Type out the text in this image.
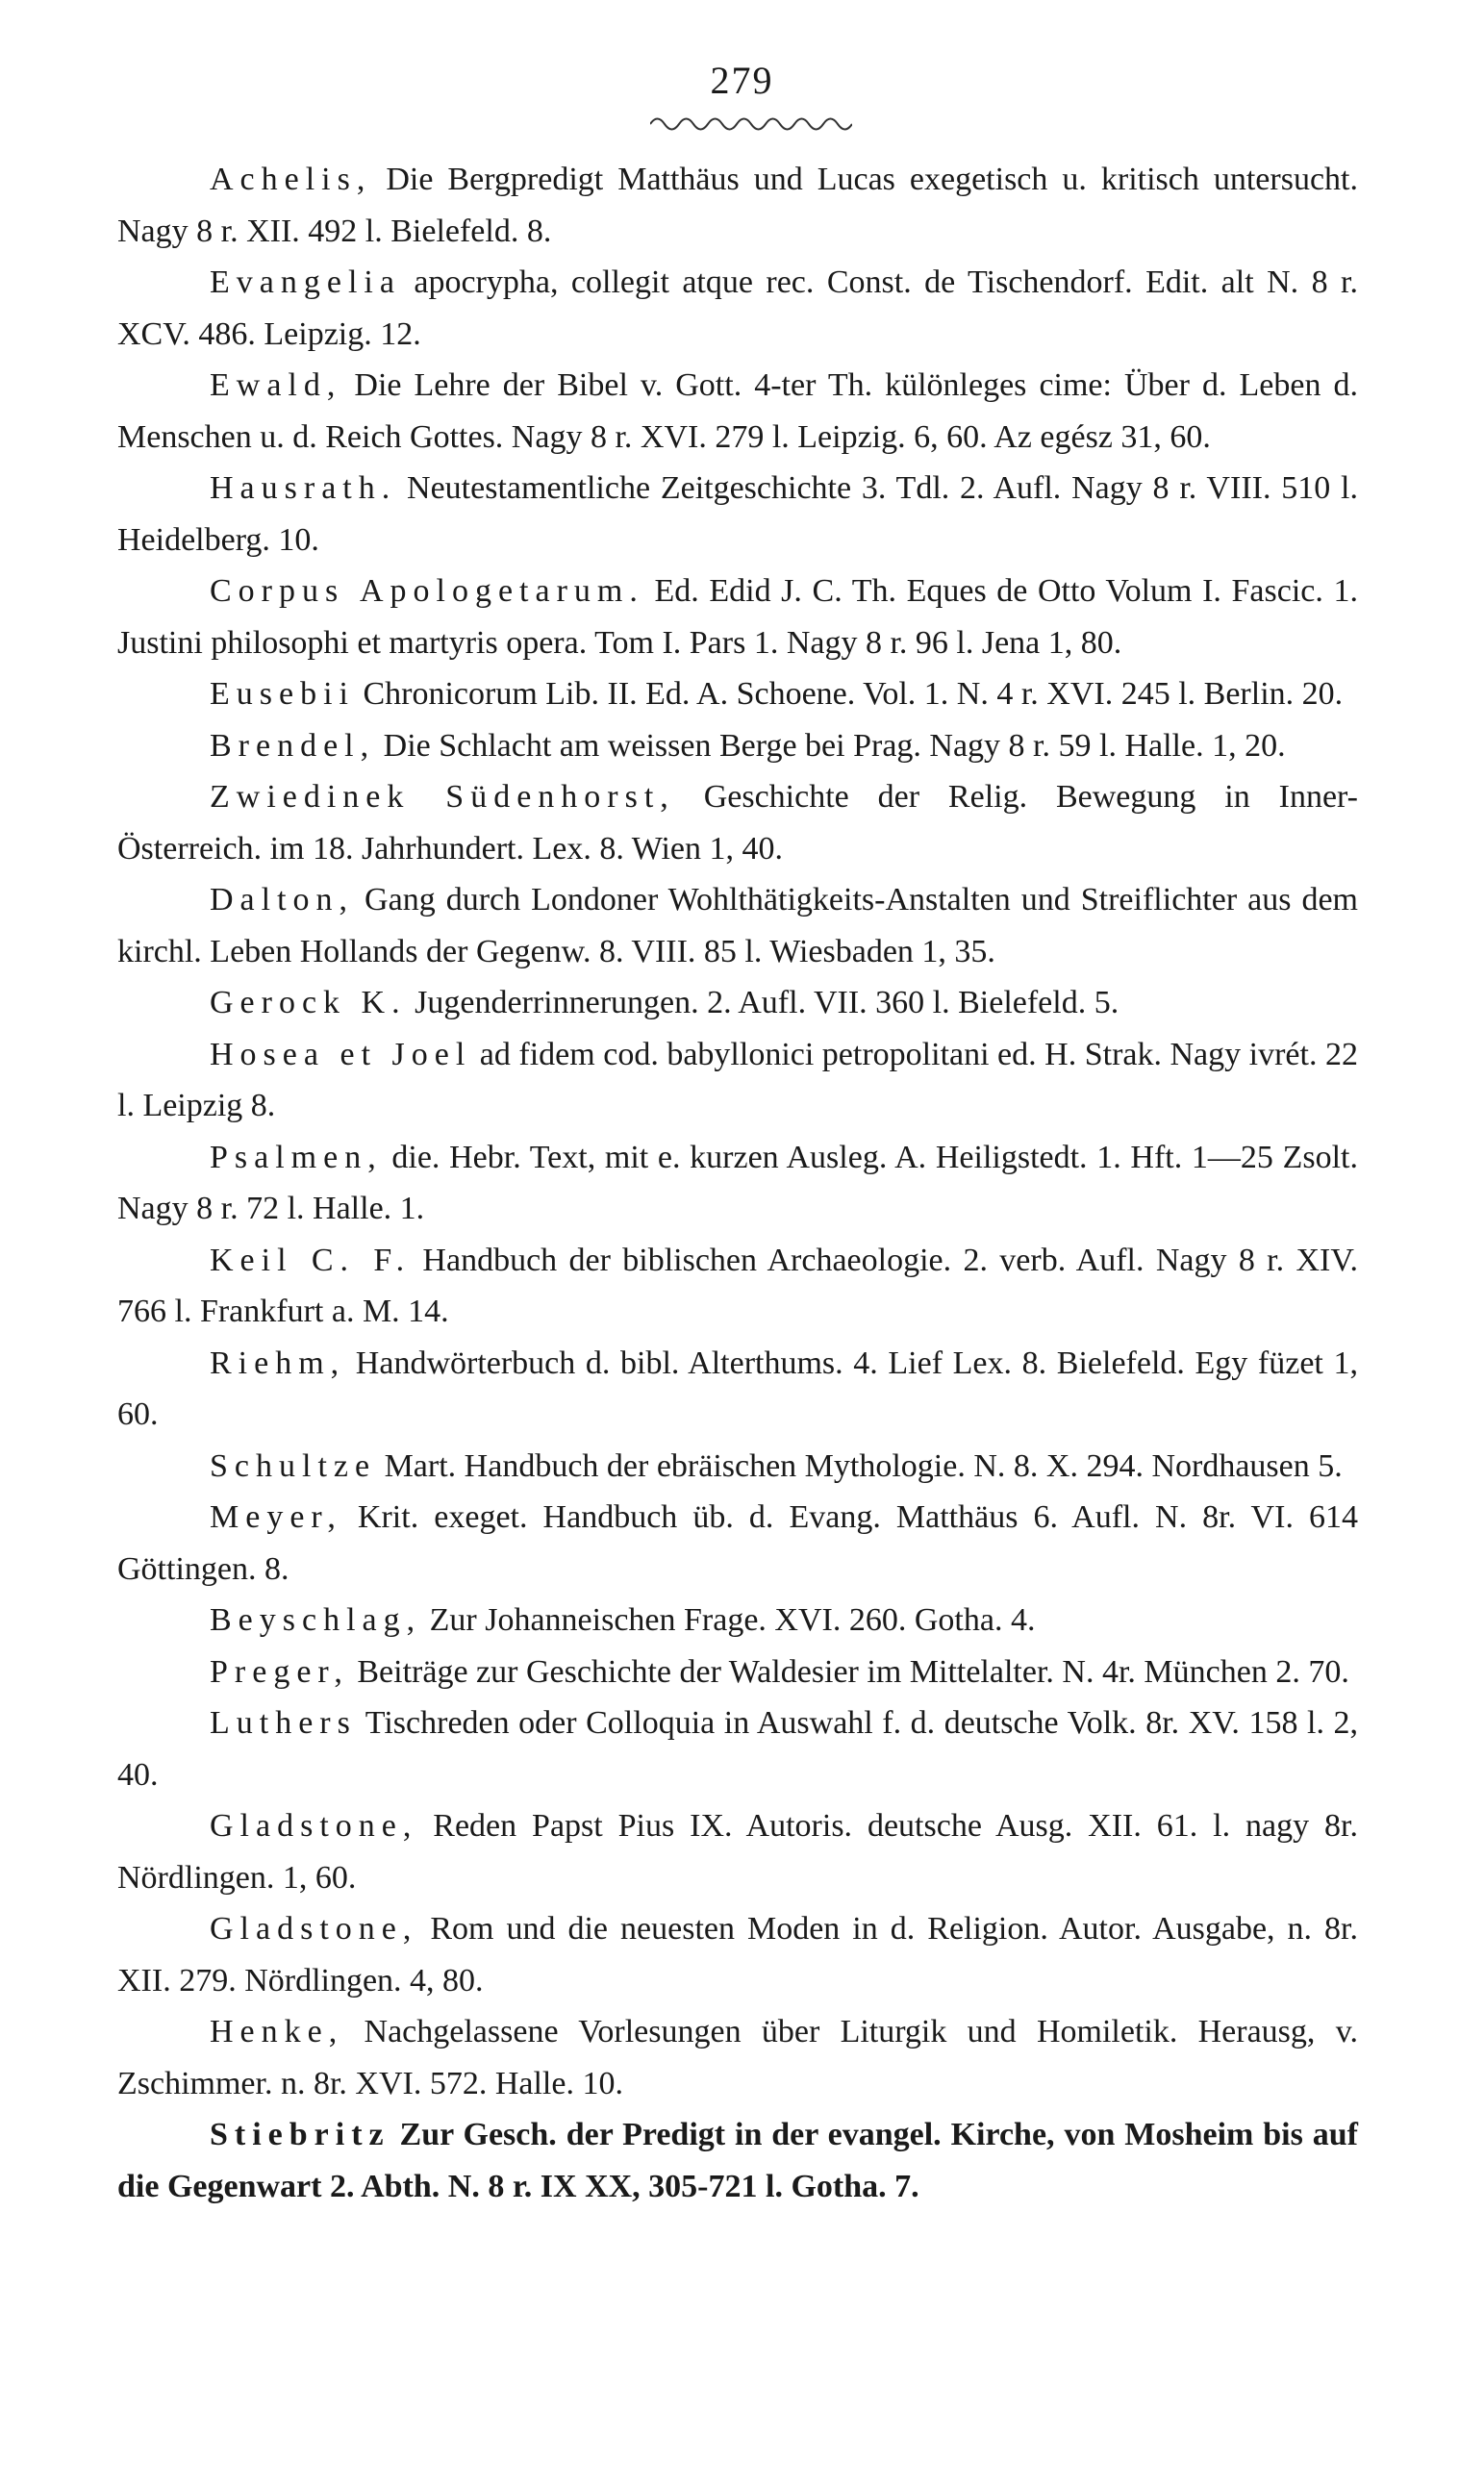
279

Achelis, Die Bergpredigt Matthäus und Lucas exegetisch u. kritisch untersucht. Nagy 8 r. XII. 492 l. Bielefeld. 8.

Evangelia apocrypha, collegit atque rec. Const. de Tischendorf. Edit. alt N. 8 r. XCV. 486. Leipzig. 12.

Ewald, Die Lehre der Bibel v. Gott. 4-ter Th. különleges cime: Über d. Leben d. Menschen u. d. Reich Gottes. Nagy 8 r. XVI. 279 l. Leipzig. 6, 60. Az egész 31, 60.

Hausrath. Neutestamentliche Zeitgeschichte 3. Tdl. 2. Aufl. Nagy 8 r. VIII. 510 l. Heidelberg. 10.

Corpus Apologetarum. Ed. Edid J. C. Th. Eques de Otto Volum I. Fascic. 1. Justini philosophi et martyris opera. Tom I. Pars 1. Nagy 8 r. 96 l. Jena 1, 80.

Eusebii Chronicorum Lib. II. Ed. A. Schoene. Vol. 1. N. 4 r. XVI. 245 l. Berlin. 20.

Brendel, Die Schlacht am weissen Berge bei Prag. Nagy 8 r. 59 l. Halle. 1, 20.

Zwiedinek Südenhorst, Geschichte der Relig. Bewegung in Inner-Österreich. im 18. Jahrhundert. Lex. 8. Wien 1, 40.

Dalton, Gang durch Londoner Wohlthätigkeits-Anstalten und Streiflichter aus dem kirchl. Leben Hollands der Gegenw. 8. VIII. 85 l. Wiesbaden 1, 35.

Gerock K. Jugenderrinnerungen. 2. Aufl. VII. 360 l. Bielefeld. 5.

Hosea et Joel ad fidem cod. babyllonici petropolitani ed. H. Strak. Nagy ivrét. 22 l. Leipzig 8.

Psalmen, die. Hebr. Text, mit e. kurzen Ausleg. A. Heiligstedt. 1. Hft. 1—25 Zsolt. Nagy 8 r. 72 l. Halle. 1.

Keil C. F. Handbuch der biblischen Archaeologie. 2. verb. Aufl. Nagy 8 r. XIV. 766 l. Frankfurt a. M. 14.

Riehm, Handwörterbuch d. bibl. Alterthums. 4. Lief Lex. 8. Bielefeld. Egy füzet 1, 60.

Schultze Mart. Handbuch der ebräischen Mythologie. N. 8. X. 294. Nordhausen 5.

Meyer, Krit. exeget. Handbuch üb. d. Evang. Matthäus 6. Aufl. N. 8r. VI. 614 Göttingen. 8.

Beyschlag, Zur Johanneischen Frage. XVI. 260. Gotha. 4.

Preger, Beiträge zur Geschichte der Waldesier im Mittelalter. N. 4r. München 2. 70.

Luthers Tischreden oder Colloquia in Auswahl f. d. deutsche Volk. 8r. XV. 158 l. 2, 40.

Gladstone, Reden Papst Pius IX. Autoris. deutsche Ausg. XII. 61. l. nagy 8r. Nördlingen. 1, 60.

Gladstone, Rom und die neuesten Moden in d. Religion. Autor. Ausgabe, n. 8r. XII. 279. Nördlingen. 4, 80.

Henke, Nachgelassene Vorlesungen über Liturgik und Homiletik. Herausg, v. Zschimmer. n. 8r. XVI. 572. Halle. 10.

Stiebritz Zur Gesch. der Predigt in der evangel. Kirche, von Mosheim bis auf die Gegenwart 2. Abth. N. 8 r. IX XX, 305-721 l. Gotha. 7.
